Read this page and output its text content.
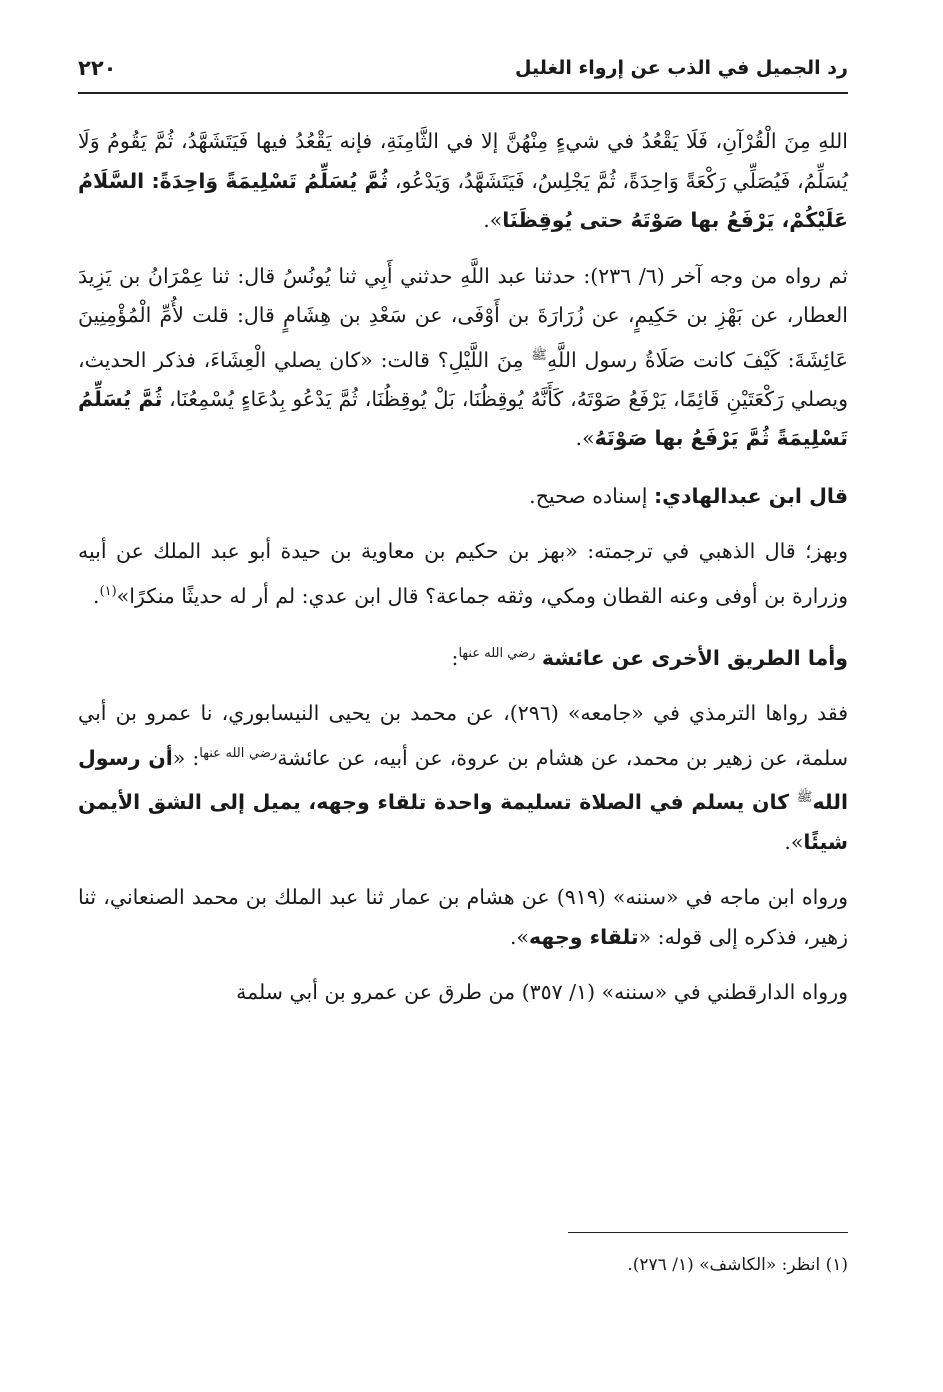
رد الجميل في الذب عن إرواء الغليل
٢٢٠

اللهِ مِنَ الْقُرْآنِ، فَلَا يَقْعُدُ في شيءٍ مِنْهُنَّ إلا في الثَّامِنَةِ، فإنه يَقْعُدُ فيها فَيَتَشَهَّدُ، ثُمَّ يَقُومُ وَلَا يُسَلِّمُ، فَيُصَلِّي رَكْعَةً وَاحِدَةً، ثُمَّ يَجْلِسُ، فَيَتَشَهَّدُ، وَيَدْعُو، ثُمَّ يُسَلِّمُ تَسْلِيمَةً وَاحِدَةً: السَّلَامُ عَلَيْكُمْ، يَرْفَعُ بها صَوْتَهُ حتى يُوقِظَنَا».

ثم رواه من وجه آخر (٦/ ٢٣٦): حدثنا عبد اللَّهِ حدثني أَبِي ثنا يُونُسُ قال: ثنا عِمْرَانُ بن يَزِيدَ العطار، عن بَهْزِ بن حَكِيمٍ، عن زُرَارَةَ بن أَوْفَى، عن سَعْدِ بن هِشَامٍ قال: قلت لأُمِّ الْمُؤْمِنِينَ عَائِشَةَ: كَيْفَ كانت صَلَاةُ رسول اللَّهِ$^ﷺ$ مِنَ اللَّيْلِ؟ قالت: «كان يصلي الْعِشَاءَ، فذكر الحديث، ويصلي رَكْعَتَيْنِ قَائِمًا، يَرْفَعُ صَوْتَهُ، كَأَنَّهُ يُوقِظُنَا، بَلْ يُوقِظُنَا، ثُمَّ يَدْعُو بِدُعَاءٍ يُسْمِعُنَا، ثُمَّ يُسَلِّمُ تَسْلِيمَةً ثُمَّ يَرْفَعُ بها صَوْتَهُ».

قال ابن عبدالهادي: إسناده صحيح.

وبهز؛ قال الذهبي في ترجمته: «بهز بن حكيم بن معاوية بن حيدة أبو عبد الملك عن أبيه وزرارة بن أوفى وعنه القطان ومكي، وثقه جماعة؟ قال ابن عدي: لم أر له حديثًا منكرًا»$^{(١)}$.

وأما الطريق الأخرى عن عائشة $^{رضي الله عنها}$:

فقد رواها الترمذي في «جامعه» (٢٩٦)، عن محمد بن يحيى النيسابوري، نا عمرو بن أبي سلمة، عن زهير بن محمد، عن هشام بن عروة، عن أبيه، عن عائشة$^{رضي الله عنها}$: «أن رسول الله$^ﷺ$ كان يسلم في الصلاة تسليمة واحدة تلقاء وجهه، يميل إلى الشق الأيمن شيئًا».

ورواه ابن ماجه في «سننه» (٩١٩) عن هشام بن عمار ثنا عبد الملك بن محمد الصنعاني، ثنا زهير، فذكره إلى قوله: «تلقاء وجهه».

ورواه الدارقطني في «سننه» (١/ ٣٥٧) من طرق عن عمرو بن أبي سلمة

(١) انظر: «الكاشف» (١/ ٢٧٦).
